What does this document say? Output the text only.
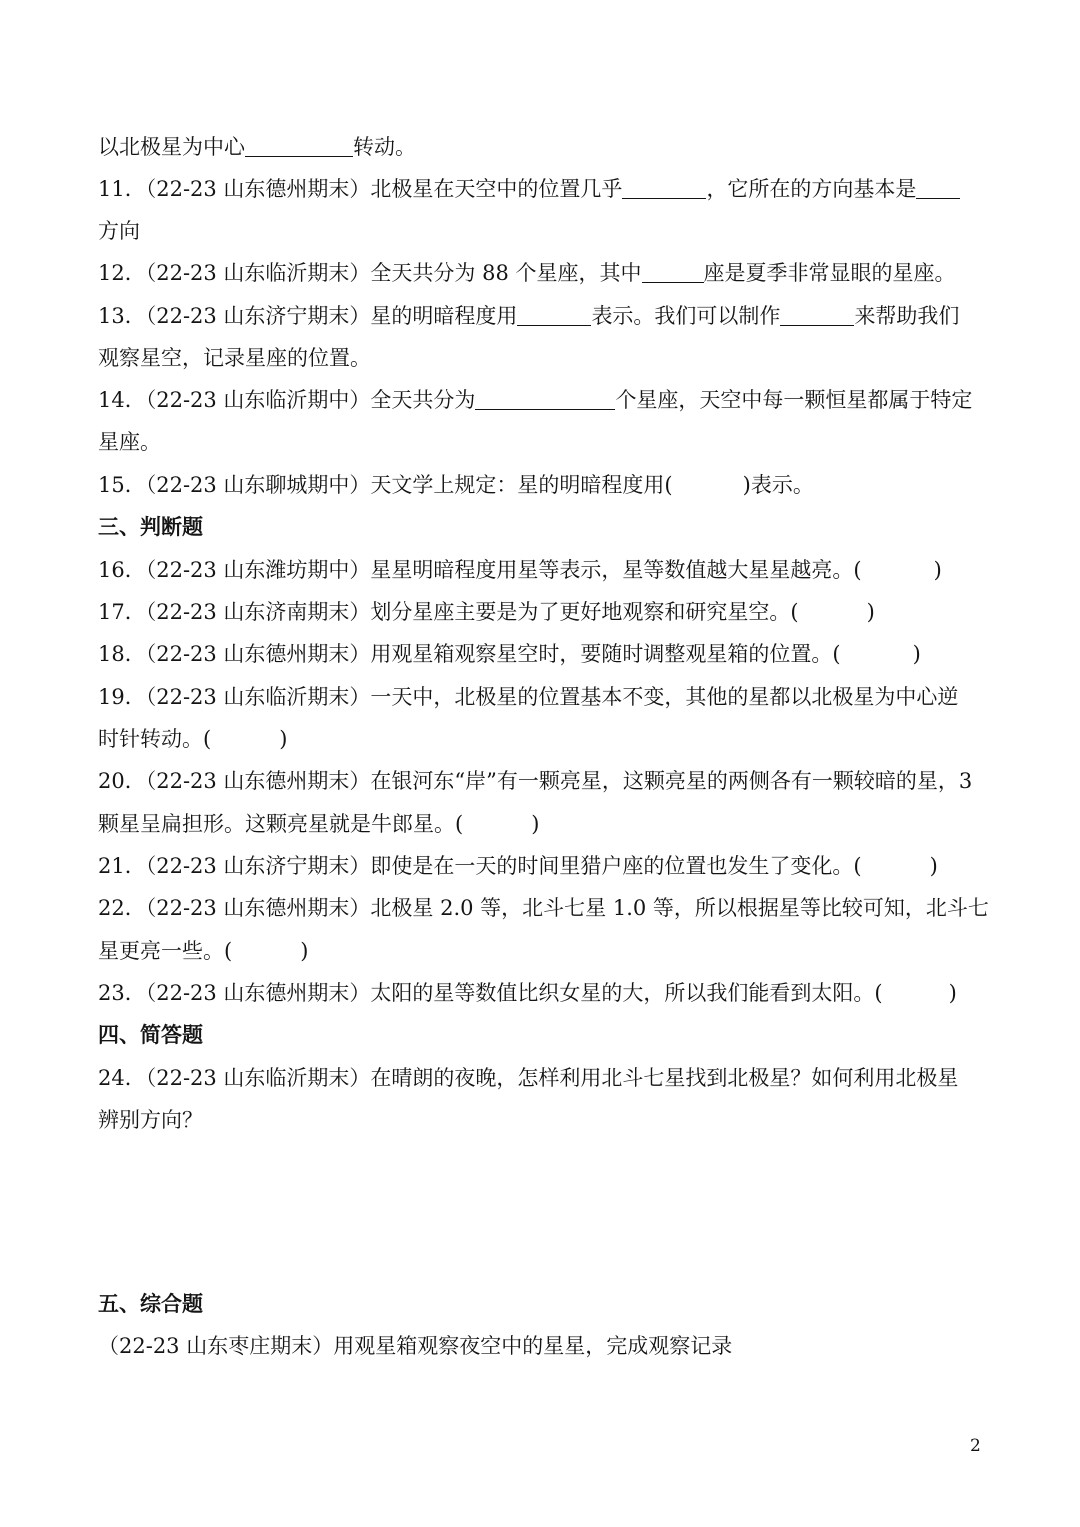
以北极星为中心	转动。
11．（22-23 山东德州期末）北极星在天空中的位置几乎	，它所在的方向基本是
方向
12．（22-23 山东临沂期末）全天共分为 88 个星座，其中	座是夏季非常显眼的星座。
13．（22-23 山东济宁期末）星的明暗程度用	表示。我们可以制作	来帮助我们
观察星空，记录星座的位置。
14．（22-23 山东临沂期中）全天共分为	个星座，天空中每一颗恒星都属于特定
星座。
15．（22-23 山东聊城期中）天文学上规定：星的明暗程度用(	)表示。
三、判断题
16．（22-23 山东潍坊期中）星星明暗程度用星等表示，星等数值越大星星越亮。(	)
17．（22-23 山东济南期末）划分星座主要是为了更好地观察和研究星空。(	)
18．（22-23 山东德州期末）用观星箱观察星空时，要随时调整观星箱的位置。(	)
19．（22-23 山东临沂期末）一天中，北极星的位置基本不变，其他的星都以北极星为中心逆
时针转动。(	)
20．（22-23 山东德州期末）在银河东“岸”有一颗亮星，这颗亮星的两侧各有一颗较暗的星，3
颗星呈扁担形。这颗亮星就是牛郎星。(	)
21．（22-23 山东济宁期末）即使是在一天的时间里猎户座的位置也发生了变化。(	)
22．（22-23 山东德州期末）北极星 2.0 等，北斗七星 1.0 等，所以根据星等比较可知，北斗七
星更亮一些。(	)
23．（22-23 山东德州期末）太阳的星等数值比织女星的大，所以我们能看到太阳。(	)
四、简答题
24．（22-23 山东临沂期末）在晴朗的夜晚，怎样利用北斗七星找到北极星？如何利用北极星
辨别方向？
五、综合题
（22-23 山东枣庄期末）用观星箱观察夜空中的星星，完成观察记录
2
